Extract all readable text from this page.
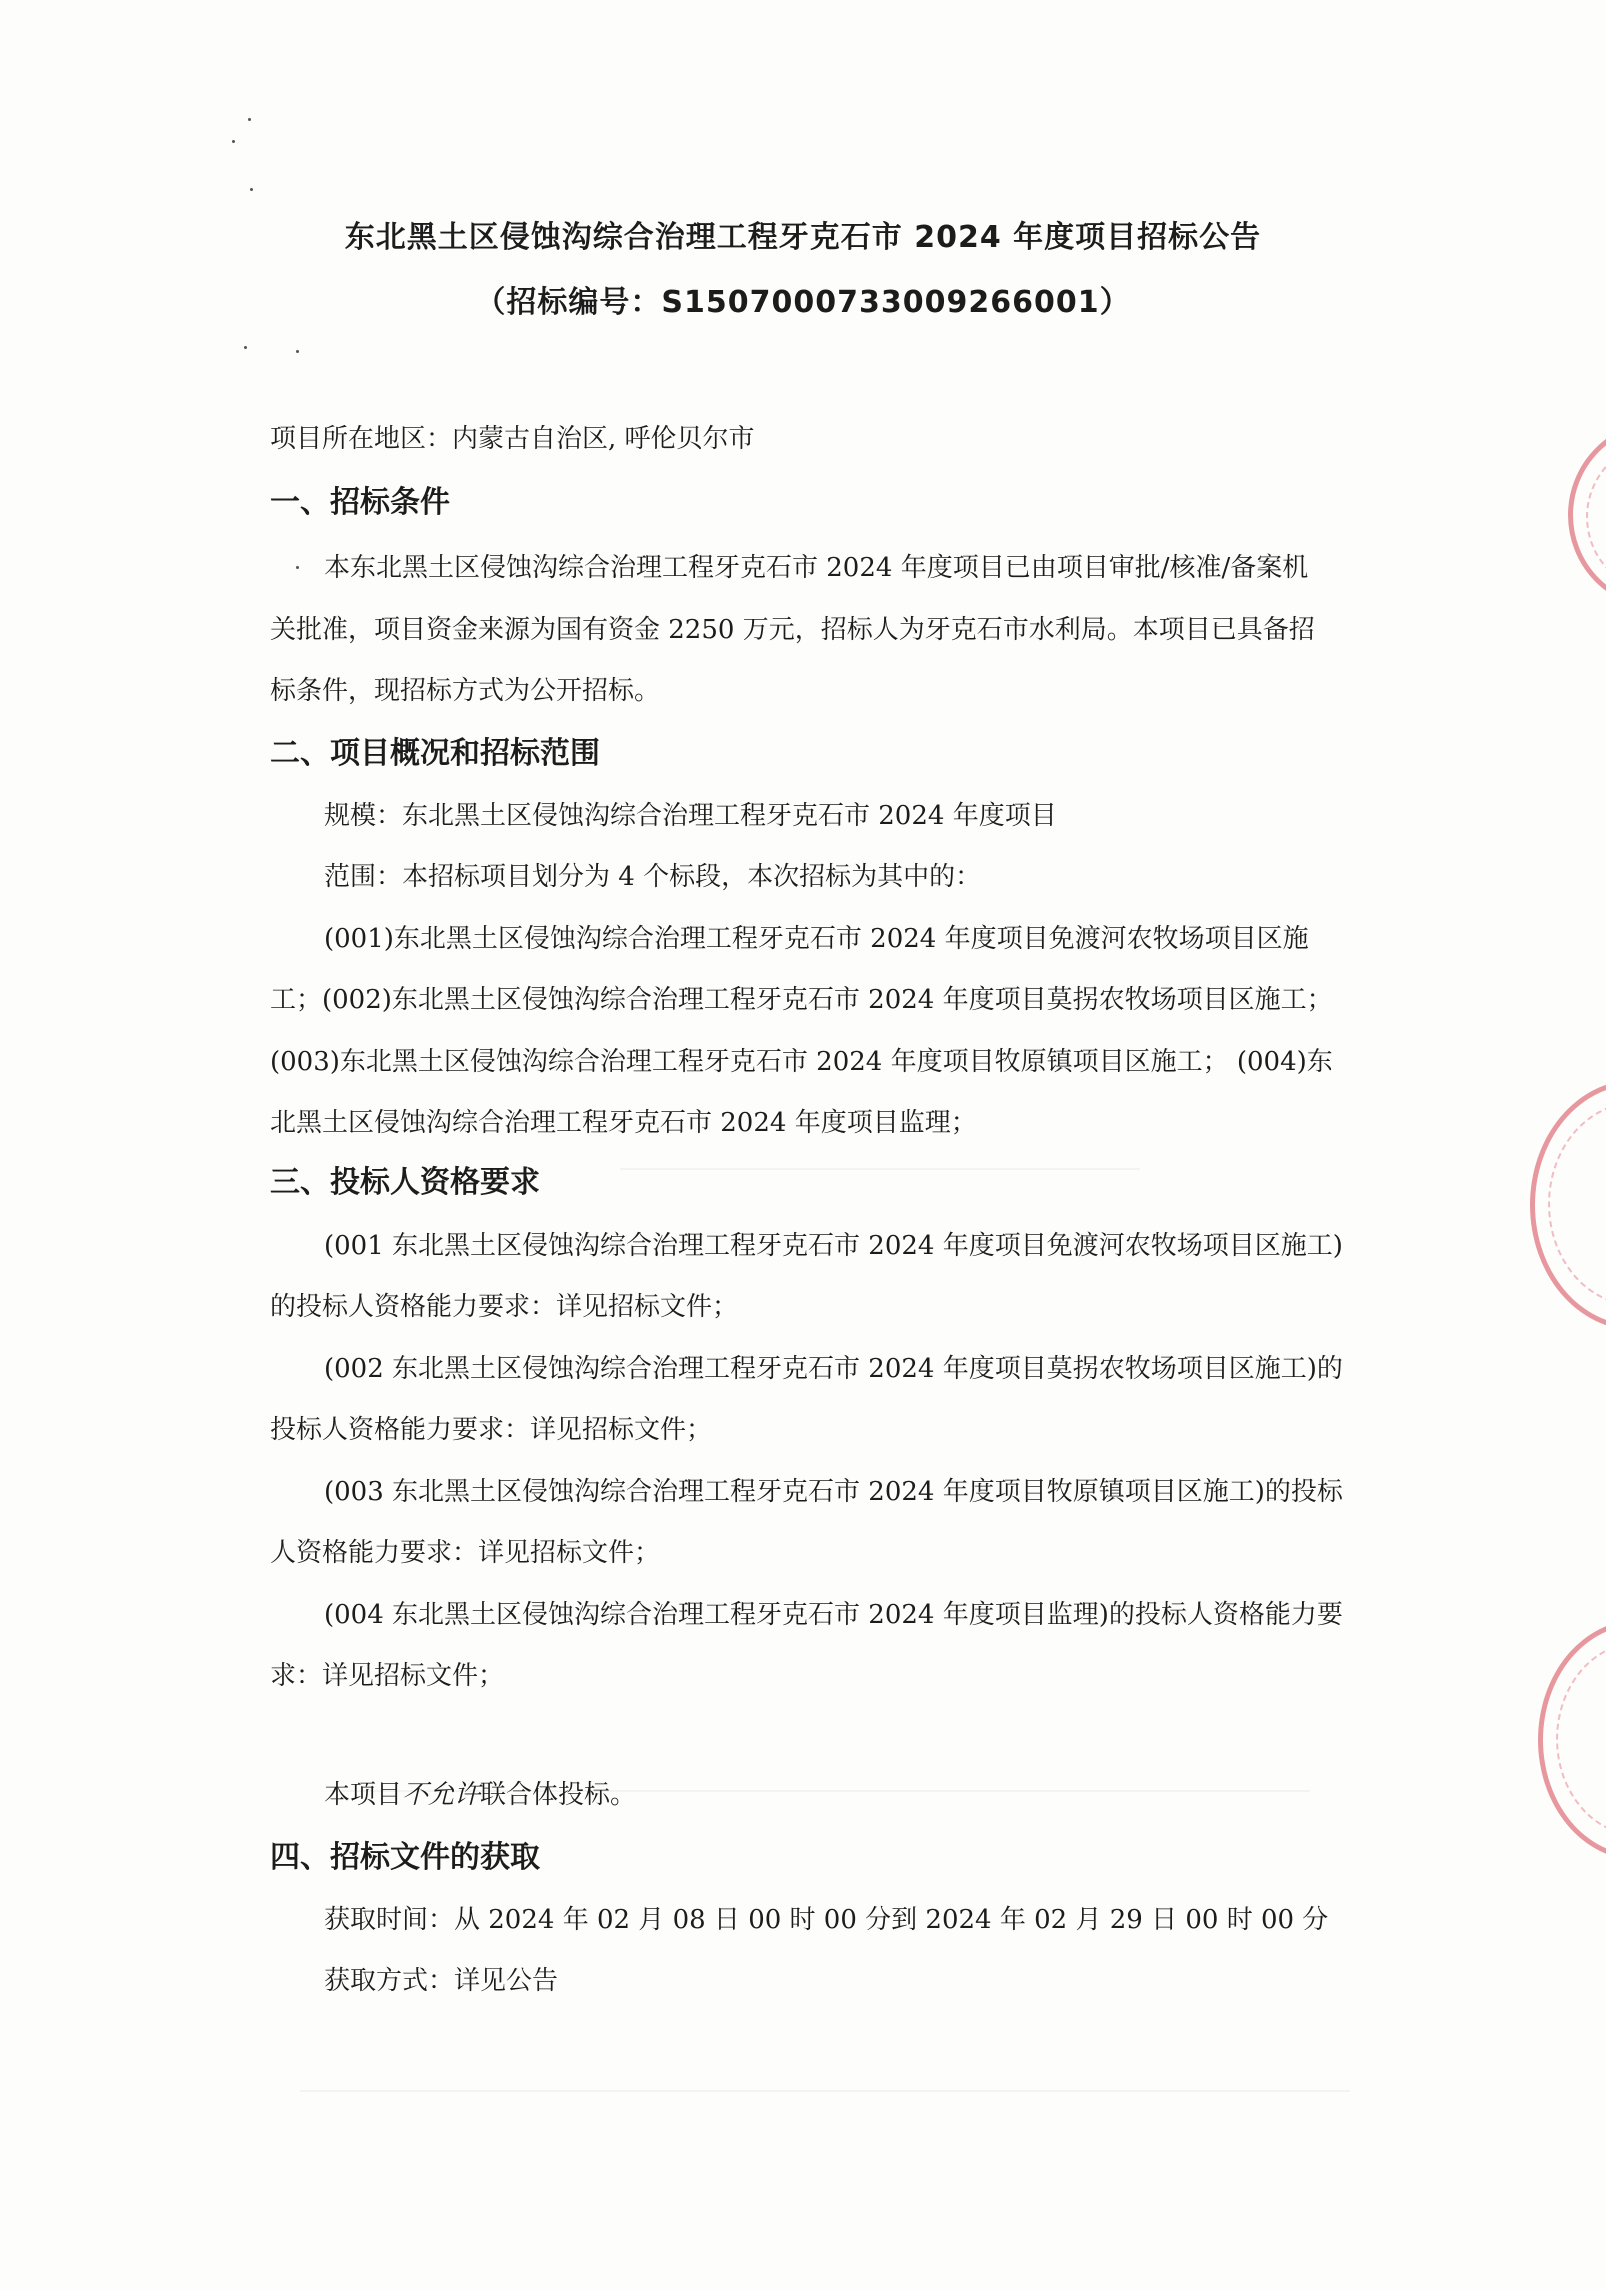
东北黑土区侵蚀沟综合治理工程牙克石市 2024 年度项目招标公告
（招标编号：S1507000733009266001）
项目所在地区：内蒙古自治区, 呼伦贝尔市
一、招标条件
本东北黑土区侵蚀沟综合治理工程牙克石市 2024 年度项目已由项目审批/核准/备案机
关批准，项目资金来源为国有资金 2250 万元，招标人为牙克石市水利局。本项目已具备招
标条件，现招标方式为公开招标。
二、项目概况和招标范围
规模：东北黑土区侵蚀沟综合治理工程牙克石市 2024 年度项目
范围：本招标项目划分为 4 个标段，本次招标为其中的：
(001)东北黑土区侵蚀沟综合治理工程牙克石市 2024 年度项目免渡河农牧场项目区施
工；(002)东北黑土区侵蚀沟综合治理工程牙克石市 2024 年度项目莫拐农牧场项目区施工；
(003)东北黑土区侵蚀沟综合治理工程牙克石市 2024 年度项目牧原镇项目区施工； (004)东
北黑土区侵蚀沟综合治理工程牙克石市 2024 年度项目监理；
三、投标人资格要求
(001 东北黑土区侵蚀沟综合治理工程牙克石市 2024 年度项目免渡河农牧场项目区施工)
的投标人资格能力要求：详见招标文件；
(002 东北黑土区侵蚀沟综合治理工程牙克石市 2024 年度项目莫拐农牧场项目区施工)的
投标人资格能力要求：详见招标文件；
(003 东北黑土区侵蚀沟综合治理工程牙克石市 2024 年度项目牧原镇项目区施工)的投标
人资格能力要求：详见招标文件；
(004 东北黑土区侵蚀沟综合治理工程牙克石市 2024 年度项目监理)的投标人资格能力要
求：详见招标文件；
本项目不允许联合体投标。
四、招标文件的获取
获取时间：从 2024 年 02 月 08 日 00 时 00 分到 2024 年 02 月 29 日 00 时 00 分
获取方式：详见公告
